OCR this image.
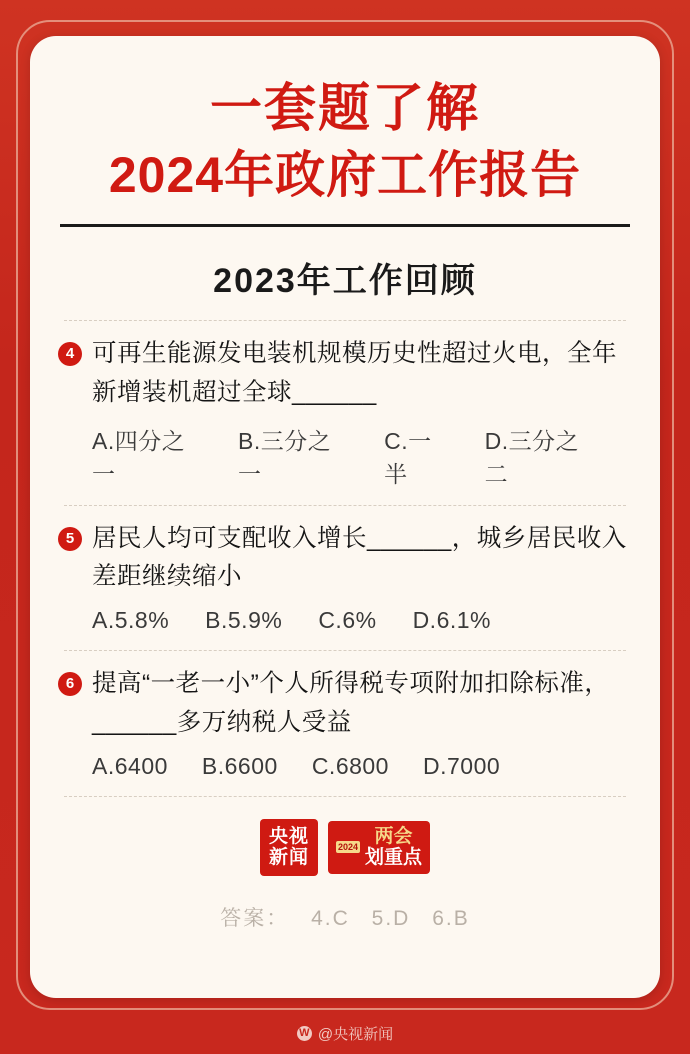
一套题了解
2024年政府工作报告
2023年工作回顾
4 可再生能源发电装机规模历史性超过火电，全年新增装机超过全球______
A.四分之一
B.三分之一
C.一半
D.三分之二
5 居民人均可支配收入增长______，城乡居民收入差距继续缩小
A.5.8% B.5.9% C.6% D.6.1%
6 提高“一老一小”个人所得税专项附加扣除标准，______多万纳税人受益
A.6400 B.6600 C.6800 D.7000
央视
新闻	2024
两会
划重点
答案： 4.C 5.D 6.B
W @央视新闻
